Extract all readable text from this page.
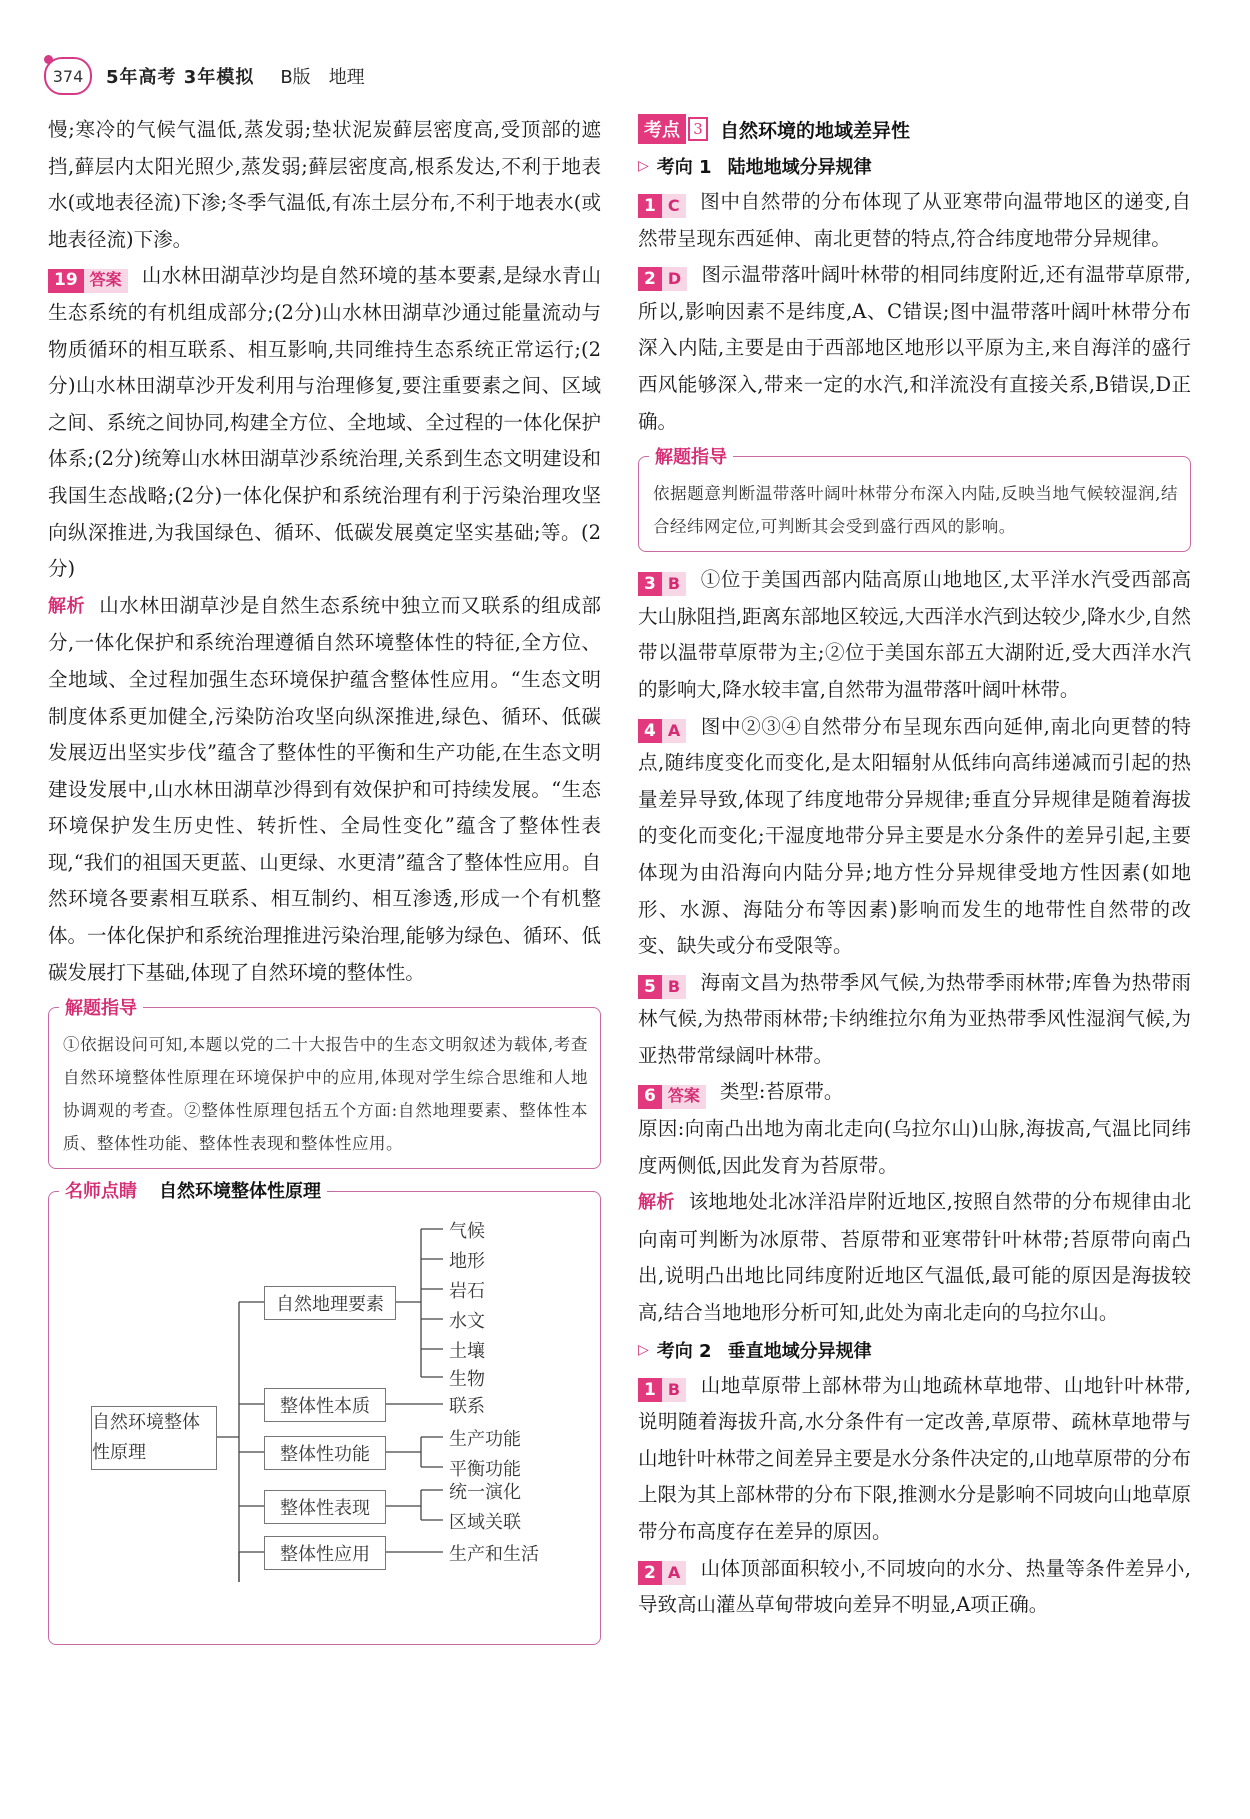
374	5年高考 3年模拟 B版 地理

慢;寒冷的气候气温低,蒸发弱;垫状泥炭藓层密度高,受顶部的遮挡,藓层内太阳光照少,蒸发弱;藓层密度高,根系发达,不利于地表水(或地表径流)下渗;冬季气温低,有冻土层分布,不利于地表水(或地表径流)下渗。

19 答案	山水林田湖草沙均是自然环境的基本要素,是绿水青山生态系统的有机组成部分;(2分)山水林田湖草沙通过能量流动与物质循环的相互联系、相互影响,共同维持生态系统正常运行;(2分)山水林田湖草沙开发利用与治理修复,要注重要素之间、区域之间、系统之间协同,构建全方位、全地域、全过程的一体化保护体系;(2分)统筹山水林田湖草沙系统治理,关系到生态文明建设和我国生态战略;(2分)一体化保护和系统治理有利于污染治理攻坚向纵深推进,为我国绿色、循环、低碳发展奠定坚实基础;等。(2分)

解析 山水林田湖草沙是自然生态系统中独立而又联系的组成部分,一体化保护和系统治理遵循自然环境整体性的特征,全方位、全地域、全过程加强生态环境保护蕴含整体性应用。“生态文明制度体系更加健全,污染防治攻坚向纵深推进,绿色、循环、低碳发展迈出坚实步伐”蕴含了整体性的平衡和生产功能,在生态文明建设发展中,山水林田湖草沙得到有效保护和可持续发展。“生态环境保护发生历史性、转折性、全局性变化”蕴含了整体性表现,“我们的祖国天更蓝、山更绿、水更清”蕴含了整体性应用。自然环境各要素相互联系、相互制约、相互渗透,形成一个有机整体。一体化保护和系统治理推进污染治理,能够为绿色、循环、低碳发展打下基础,体现了自然环境的整体性。

解题指导

①依据设问可知,本题以党的二十大报告中的生态文明叙述为载体,考查自然环境整体性原理在环境保护中的应用,体现对学生综合思维和人地协调观的考查。②整体性原理包括五个方面:自然地理要素、整体性本质、整体性功能、整体性表现和整体性应用。

名师点睛 自然环境整体性原理
自然环境整体性原理
自然地理要素
整体性本质
整体性功能
整体性表现
整体性应用
气候
地形
岩石
水文
土壤
生物
联系
生产功能
平衡功能
统一演化
区域关联
生产和生活
考点 3 自然环境的地域差异性
▷ 考向 1 陆地地域分异规律

1 C	图中自然带的分布体现了从亚寒带向温带地区的递变,自然带呈现东西延伸、南北更替的特点,符合纬度地带分异规律。

2 D	图示温带落叶阔叶林带的相同纬度附近,还有温带草原带,所以,影响因素不是纬度,A、C错误;图中温带落叶阔叶林带分布深入内陆,主要是由于西部地区地形以平原为主,来自海洋的盛行西风能够深入,带来一定的水汽,和洋流没有直接关系,B错误,D正确。

解题指导

依据题意判断温带落叶阔叶林带分布深入内陆,反映当地气候较湿润,结合经纬网定位,可判断其会受到盛行西风的影响。

3 B	①位于美国西部内陆高原山地地区,太平洋水汽受西部高大山脉阻挡,距离东部地区较远,大西洋水汽到达较少,降水少,自然带以温带草原带为主;②位于美国东部五大湖附近,受大西洋水汽的影响大,降水较丰富,自然带为温带落叶阔叶林带。

4 A	图中②③④自然带分布呈现东西向延伸,南北向更替的特点,随纬度变化而变化,是太阳辐射从低纬向高纬递减而引起的热量差异导致,体现了纬度地带分异规律;垂直分异规律是随着海拔的变化而变化;干湿度地带分异主要是水分条件的差异引起,主要体现为由沿海向内陆分异;地方性分异规律受地方性因素(如地形、水源、海陆分布等因素)影响而发生的地带性自然带的改变、缺失或分布受限等。

5 B	海南文昌为热带季风气候,为热带季雨林带;库鲁为热带雨林气候,为热带雨林带;卡纳维拉尔角为亚热带季风性湿润气候,为亚热带常绿阔叶林带。

6 答案	类型:苔原带。

原因:向南凸出地为南北走向(乌拉尔山)山脉,海拔高,气温比同纬度两侧低,因此发育为苔原带。

解析 该地地处北冰洋沿岸附近地区,按照自然带的分布规律由北向南可判断为冰原带、苔原带和亚寒带针叶林带;苔原带向南凸出,说明凸出地比同纬度附近地区气温低,最可能的原因是海拔较高,结合当地地形分析可知,此处为南北走向的乌拉尔山。

▷ 考向 2 垂直地域分异规律

1 B	山地草原带上部林带为山地疏林草地带、山地针叶林带,说明随着海拔升高,水分条件有一定改善,草原带、疏林草地带与山地针叶林带之间差异主要是水分条件决定的,山地草原带的分布上限为其上部林带的分布下限,推测水分是影响不同坡向山地草原带分布高度存在差异的原因。

2 A	山体顶部面积较小,不同坡向的水分、热量等条件差异小,导致高山灌丛草甸带坡向差异不明显,A项正确。
